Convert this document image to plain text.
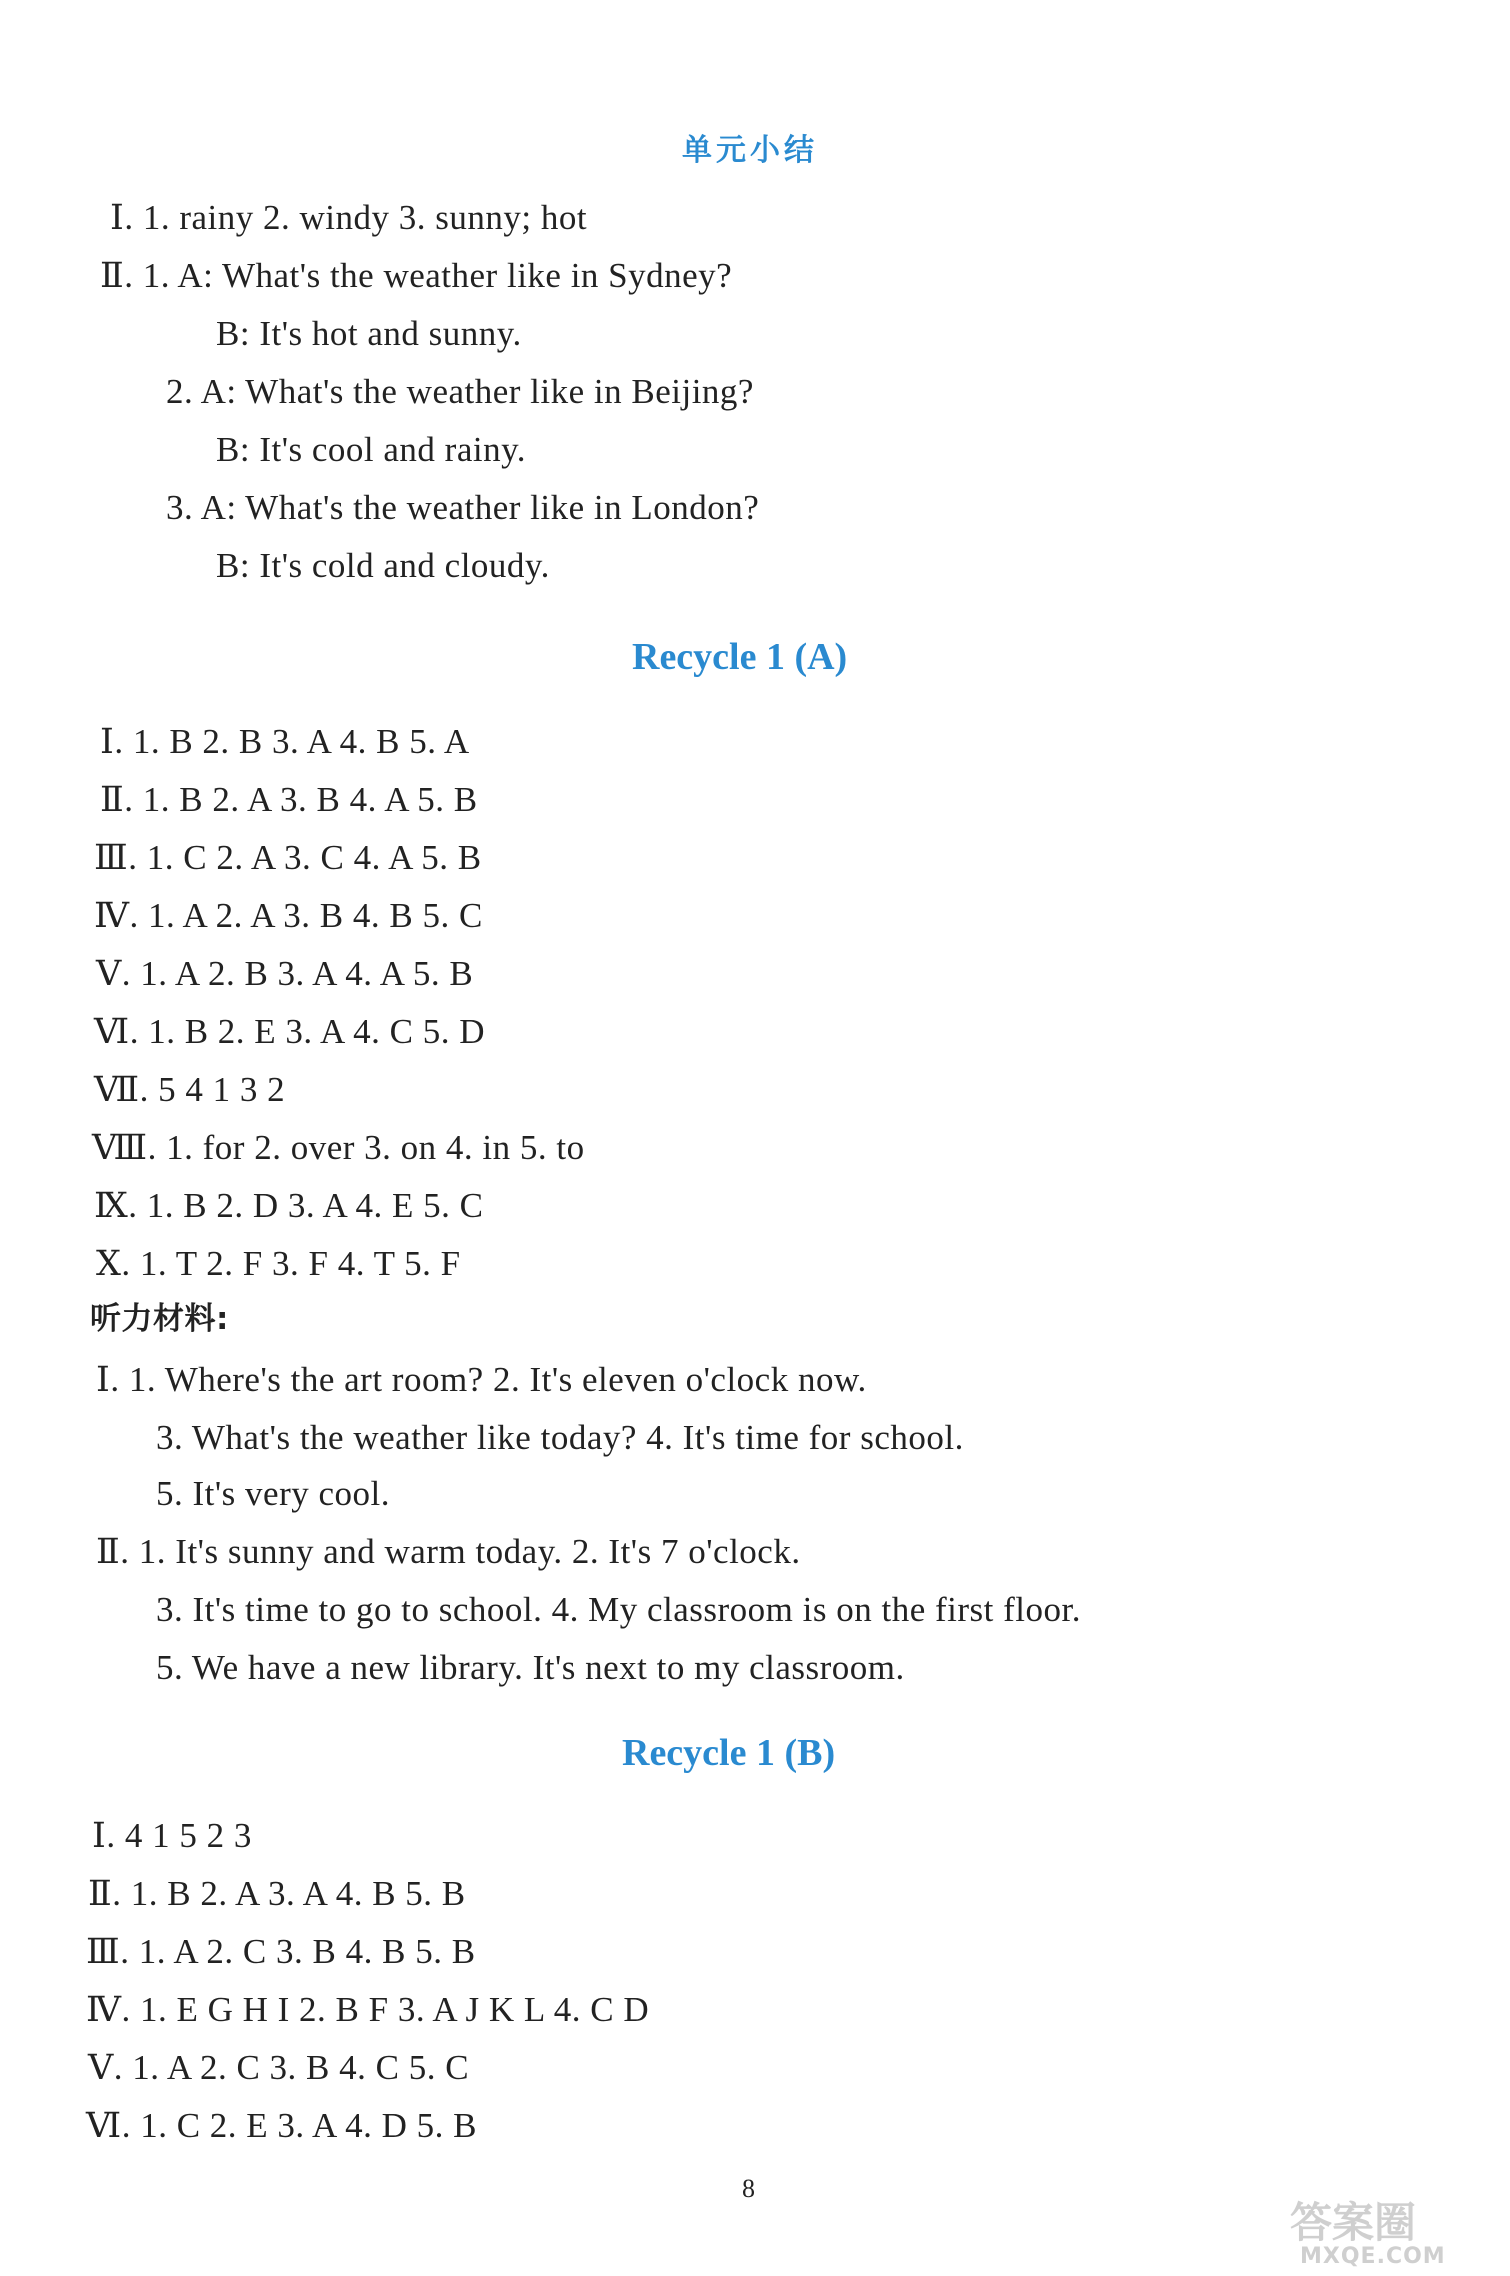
单元小结
Ⅰ. 1. rainy 2. windy 3. sunny; hot
Ⅱ. 1. A: What's the weather like in Sydney?
B: It's hot and sunny.
2. A: What's the weather like in Beijing?
B: It's cool and rainy.
3. A: What's the weather like in London?
B: It's cold and cloudy.
Recycle 1 (A)
Ⅰ. 1. B 2. B 3. A 4. B 5. A
Ⅱ. 1. B 2. A 3. B 4. A 5. B
Ⅲ. 1. C 2. A 3. C 4. A 5. B
Ⅳ. 1. A 2. A 3. B 4. B 5. C
Ⅴ. 1. A 2. B 3. A 4. A 5. B
Ⅵ. 1. B 2. E 3. A 4. C 5. D
Ⅶ. 5 4 1 3 2
Ⅷ. 1. for 2. over 3. on 4. in 5. to
Ⅸ. 1. B 2. D 3. A 4. E 5. C
Ⅹ. 1. T 2. F 3. F 4. T 5. F
听力材料:
Ⅰ. 1. Where's the art room? 2. It's eleven o'clock now.
3. What's the weather like today? 4. It's time for school.
5. It's very cool.
Ⅱ. 1. It's sunny and warm today. 2. It's 7 o'clock.
3. It's time to go to school. 4. My classroom is on the first floor.
5. We have a new library. It's next to my classroom.
Recycle 1 (B)
Ⅰ. 4 1 5 2 3
Ⅱ. 1. B 2. A 3. A 4. B 5. B
Ⅲ. 1. A 2. C 3. B 4. B 5. B
Ⅳ. 1. E G H I 2. B F 3. A J K L 4. C D
Ⅴ. 1. A 2. C 3. B 4. C 5. C
Ⅵ. 1. C 2. E 3. A 4. D 5. B
8
答案圈
MXQE.COM
